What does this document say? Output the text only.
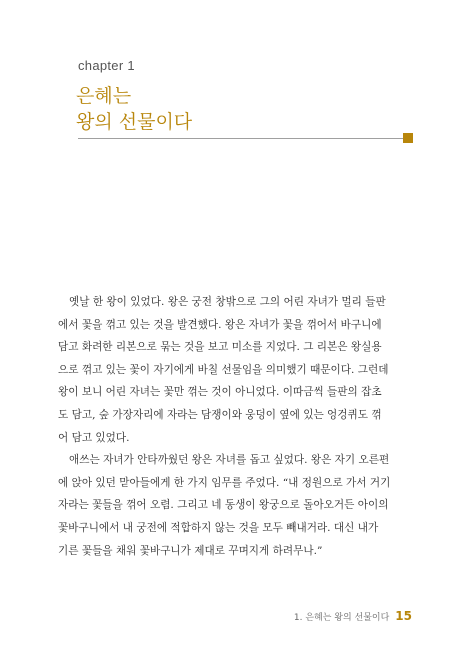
chapter 1
은혜는
왕의 선물이다
옛날 한 왕이 있었다. 왕은 궁전 창밖으로 그의 어린 자녀가 멀리 들판
에서 꽃을 꺾고 있는 것을 발견했다. 왕은 자녀가 꽃을 꺾어서 바구니에
담고 화려한 리본으로 묶는 것을 보고 미소를 지었다. 그 리본은 왕실용
으로 꺾고 있는 꽃이 자기에게 바칠 선물임을 의미했기 때문이다. 그런데
왕이 보니 어린 자녀는 꽃만 꺾는 것이 아니었다. 이따금씩 들판의 잡초
도 담고, 숲 가장자리에 자라는 담쟁이와 웅덩이 옆에 있는 엉겅퀴도 꺾
어 담고 있었다.
애쓰는 자녀가 안타까웠던 왕은 자녀를 돕고 싶었다. 왕은 자기 오른편
에 앉아 있던 맏아들에게 한 가지 임무를 주었다. “내 정원으로 가서 거기
자라는 꽃들을 꺾어 오렴. 그리고 네 동생이 왕궁으로 돌아오거든 아이의
꽃바구니에서 내 궁전에 적합하지 않는 것을 모두 빼내거라. 대신 내가
기른 꽃들을 채워 꽃바구니가 제대로 꾸며지게 하려무나.”
1. 은혜는 왕의 선물이다 15
